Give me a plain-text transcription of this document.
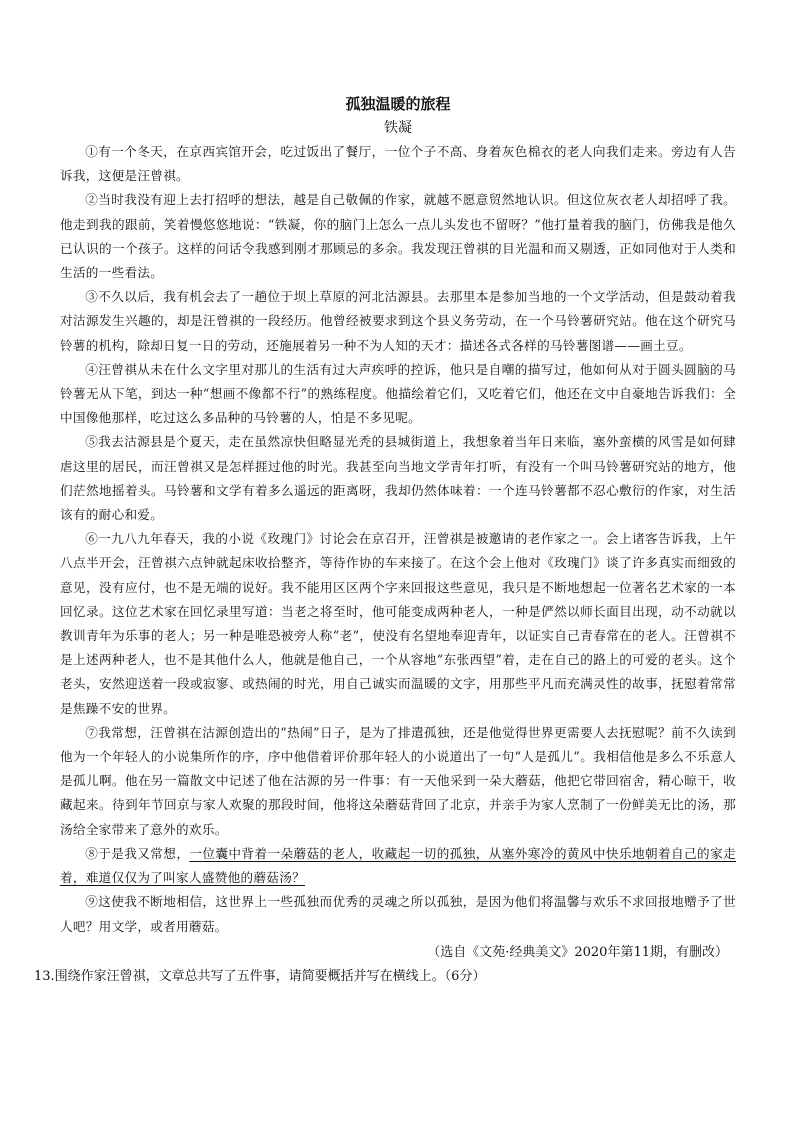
孤独温暖的旅程
铁凝
①有一个冬天，在京西宾馆开会，吃过饭出了餐厅，一位个子不高、身着灰色棉衣的老人向我们走来。旁边有人告诉我，这便是汪曾祺。
②当时我没有迎上去打招呼的想法，越是自己敬佩的作家，就越不愿意贸然地认识。但这位灰衣老人却招呼了我。他走到我的跟前，笑着慢悠悠地说：“铁凝，你的脑门上怎么一点儿头发也不留呀？”他打量着我的脑门，仿佛我是他久已认识的一个孩子。这样的问话令我感到刚才那顾忌的多余。我发现汪曾祺的目光温和而又剔透，正如同他对于人类和生活的一些看法。
③不久以后，我有机会去了一趟位于坝上草原的河北沽源县。去那里本是参加当地的一个文学活动，但是鼓动着我对沽源发生兴趣的，却是汪曾祺的一段经历。他曾经被要求到这个县义务劳动，在一个马铃薯研究站。他在这个研究马铃薯的机构，除却日复一日的劳动，还施展着另一种不为人知的天才：描述各式各样的马铃薯图谱——画土豆。
④汪曾祺从未在什么文字里对那儿的生活有过大声疾呼的控诉，他只是自嘲的描写过，他如何从对于圆头圆脑的马铃薯无从下笔，到达一种“想画不像都不行”的熟练程度。他描绘着它们，又吃着它们，他还在文中自豪地告诉我们：全中国像他那样，吃过这么多品种的马铃薯的人，怕是不多见呢。
⑤我去沽源县是个夏天，走在虽然凉快但略显光秃的县城街道上，我想象着当年日来临，塞外蛮横的风雪是如何肆虐这里的居民，而汪曾祺又是怎样捱过他的时光。我甚至向当地文学青年打听，有没有一个叫马铃薯研究站的地方，他们茫然地摇着头。马铃薯和文学有着多么遥远的距离呀，我却仍然体味着：一个连马铃薯都不忍心敷衍的作家，对生活该有的耐心和爱。
⑥一九八九年春天，我的小说《玫瑰门》讨论会在京召开，汪曾祺是被邀请的老作家之一。会上诸客告诉我，上午八点半开会，汪曾祺六点钟就起床收拾整齐，等待作协的车来接了。在这个会上他对《玫瑰门》谈了许多真实而细致的意见，没有应付，也不是无端的说好。我不能用区区两个字来回报这些意见，我只是不断地想起一位著名艺术家的一本回忆录。这位艺术家在回忆录里写道：当老之将至时，他可能变成两种老人，一种是俨然以师长面目出现，动不动就以教训青年为乐事的老人；另一种是唯恐被旁人称“老”，使没有名望地奉迎青年，以证实自己青春常在的老人。汪曾祺不是上述两种老人，也不是其他什么人，他就是他自己，一个从容地“东张西望”着，走在自己的路上的可爱的老头。这个老头，安然迎送着一段或寂寥、或热闹的时光，用自己诚实而温暖的文字，用那些平凡而充满灵性的故事，抚慰着常常是焦躁不安的世界。
⑦我常想，汪曾祺在沽源创造出的“热闹”日子，是为了排遣孤独，还是他觉得世界更需要人去抚慰呢？前不久读到他为一个年轻人的小说集所作的序，序中他借着评价那年轻人的小说道出了一句“人是孤儿”。我相信他是多么不乐意人是孤儿啊。他在另一篇散文中记述了他在沽源的另一件事：有一天他采到一朵大蘑菇，他把它带回宿舍，精心晾干，收藏起来。待到年节回京与家人欢聚的那段时间，他将这朵蘑菇背回了北京，并亲手为家人烹制了一份鲜美无比的汤，那汤给全家带来了意外的欢乐。
⑧于是我又常想，一位囊中背着一朵蘑菇的老人，收藏起一切的孤独，从塞外寒冷的黄风中快乐地朝着自己的家走着，难道仅仅为了叫家人盛赞他的蘑菇汤？
⑨这使我不断地相信，这世界上一些孤独而优秀的灵魂之所以孤独，是因为他们将温馨与欢乐不求回报地赠予了世人吧？用文学，或者用蘑菇。
（选自《文苑·经典美文》2020年第11期，有删改）
13.围绕作家汪曾祺，文章总共写了五件事，请简要概括并写在横线上。（6分）
